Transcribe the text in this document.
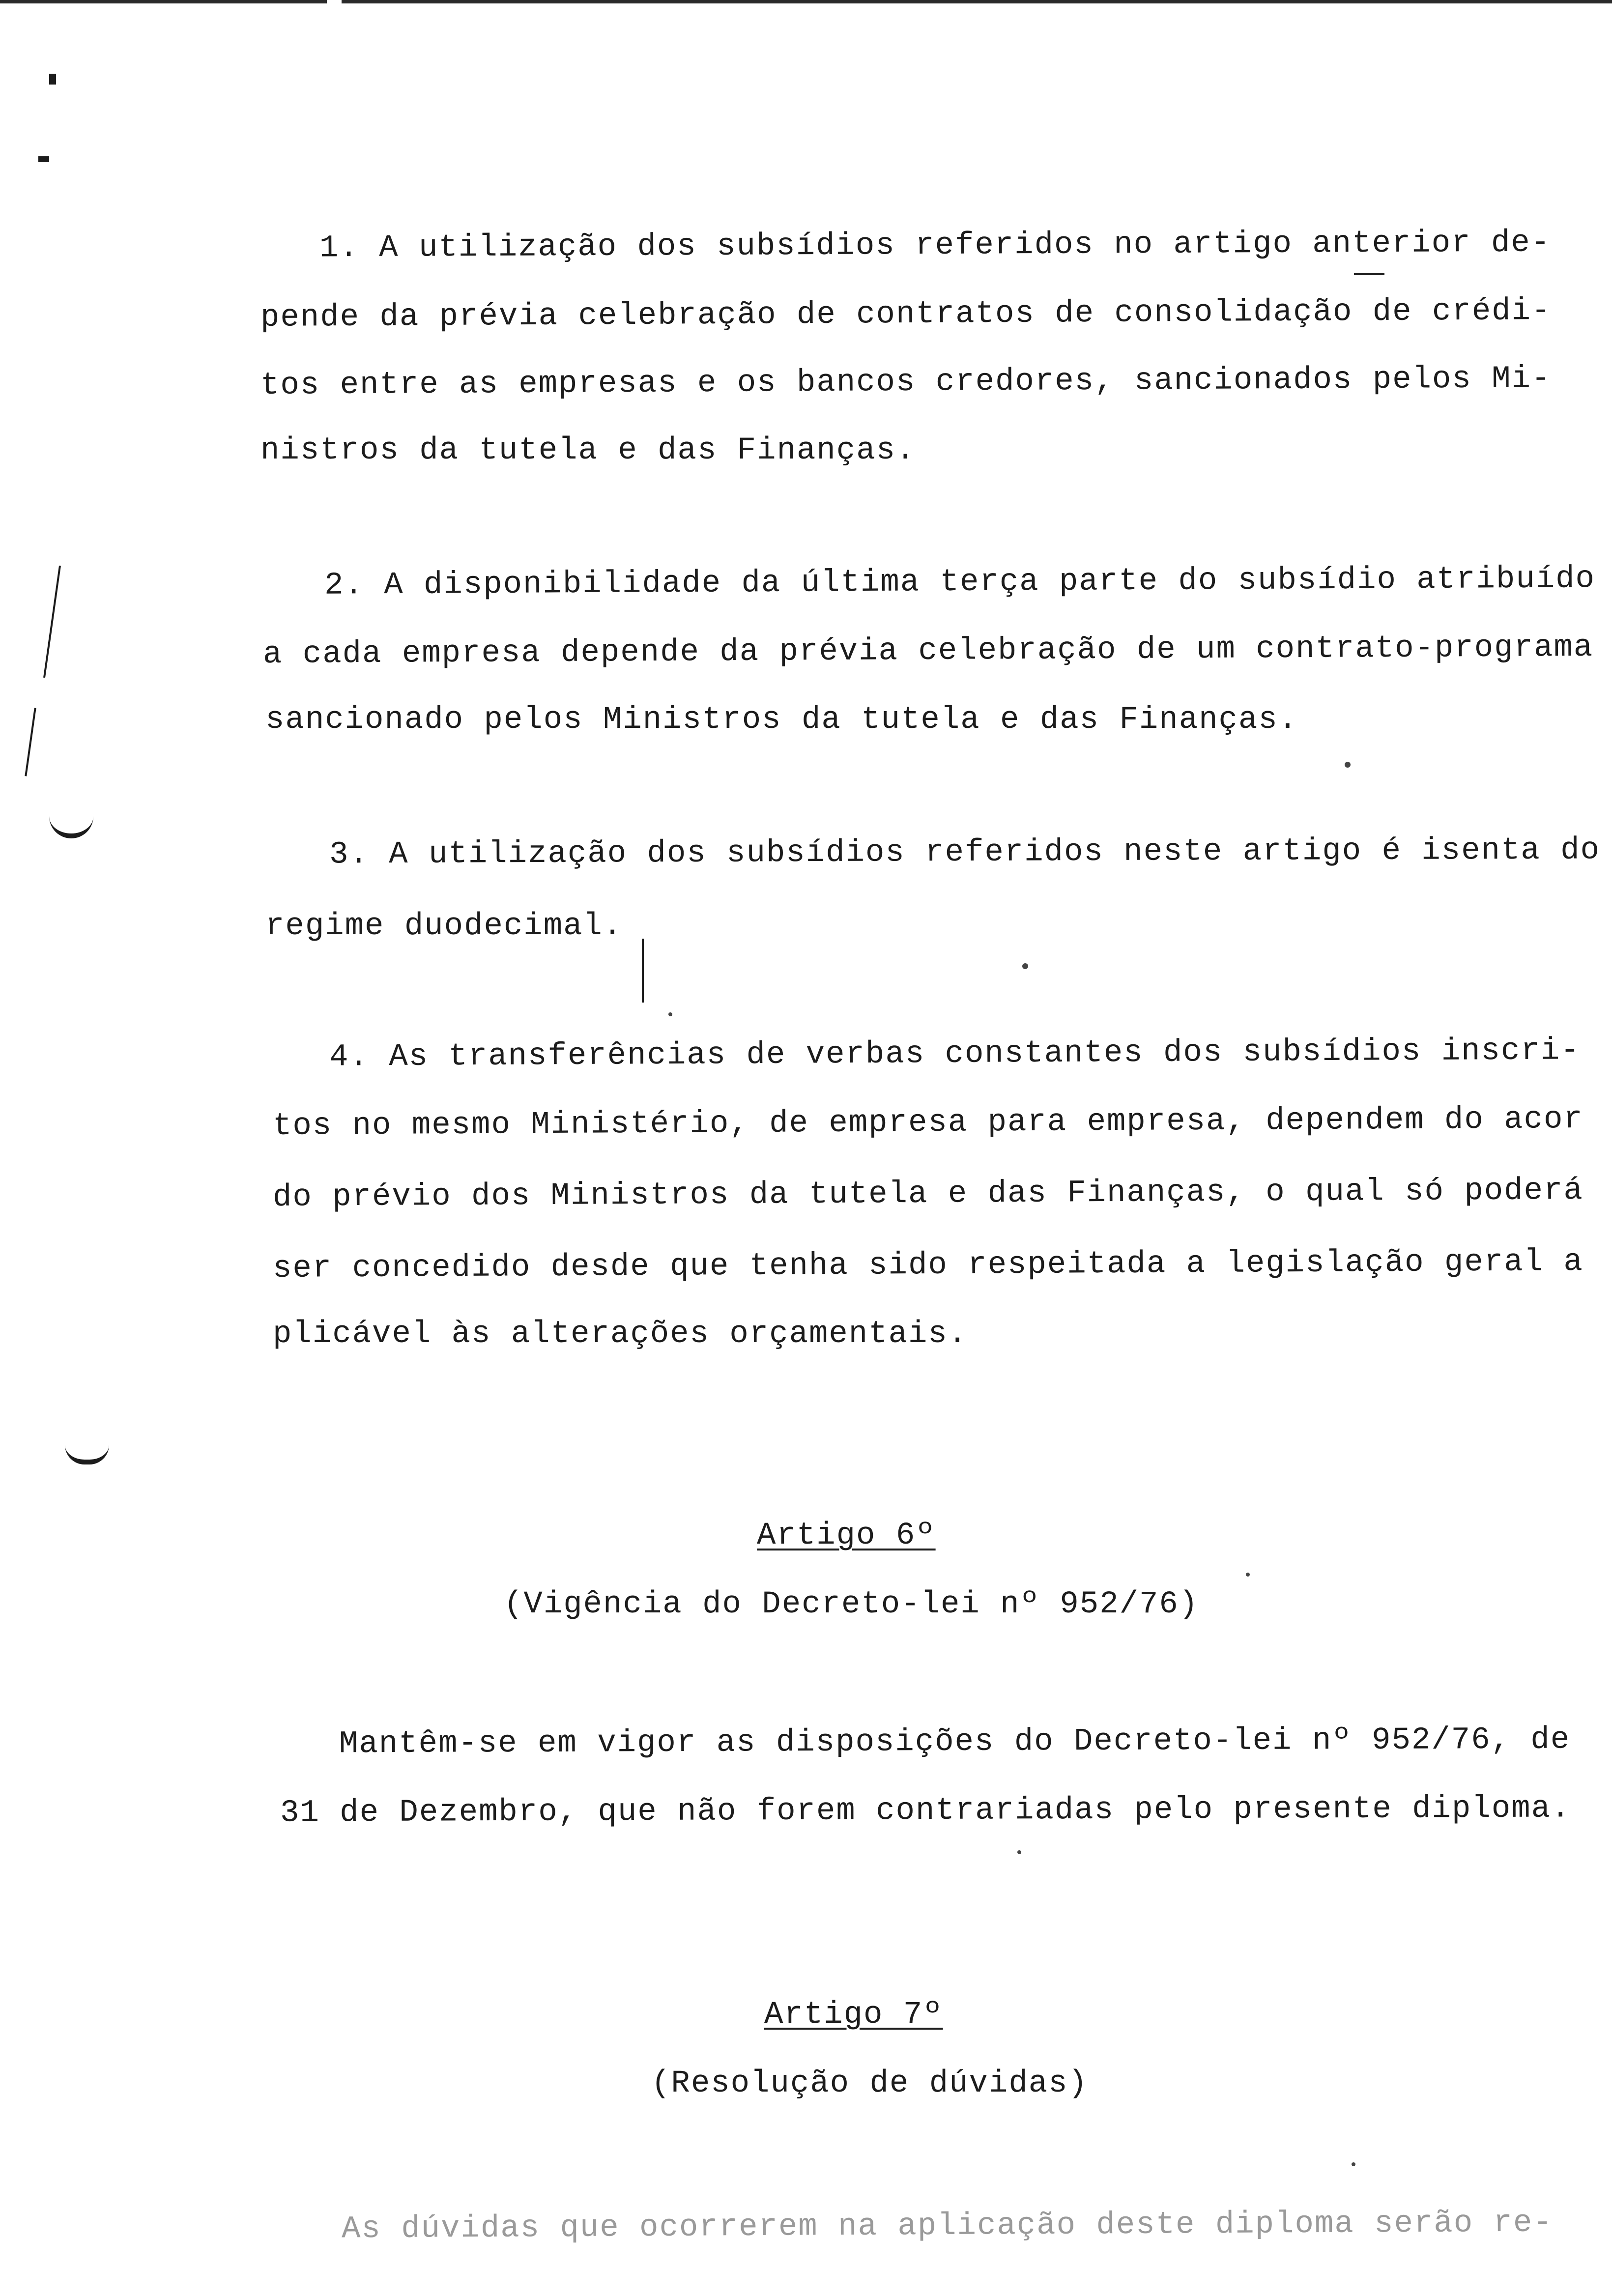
1. A utilização dos subsídios referidos no artigo anterior de-
pende da prévia celebração de contratos de consolidação de crédi-
tos entre as empresas e os bancos credores, sancionados pelos Mi-
nistros da tutela e das Finanças.
2. A disponibilidade da última terça parte do subsídio atribuído
a cada empresa depende da prévia celebração de um contrato-programa
sancionado pelos Ministros da tutela e das Finanças.
3. A utilização dos subsídios referidos neste artigo é isenta do
regime duodecimal.
4. As transferências de verbas constantes dos subsídios inscri-
tos no mesmo Ministério, de empresa para empresa, dependem do acor
do prévio dos Ministros da tutela e das Finanças, o qual só poderá
ser concedido desde que tenha sido respeitada a legislação geral a
plicável às alterações orçamentais.
Artigo 6º
(Vigência do Decreto-lei nº 952/76)
Mantêm-se em vigor as disposições do Decreto-lei nº 952/76, de
31 de Dezembro, que não forem contrariadas pelo presente diploma.
Artigo 7º
(Resolução de dúvidas)
As dúvidas que ocorrerem na aplicação deste diploma serão re-
